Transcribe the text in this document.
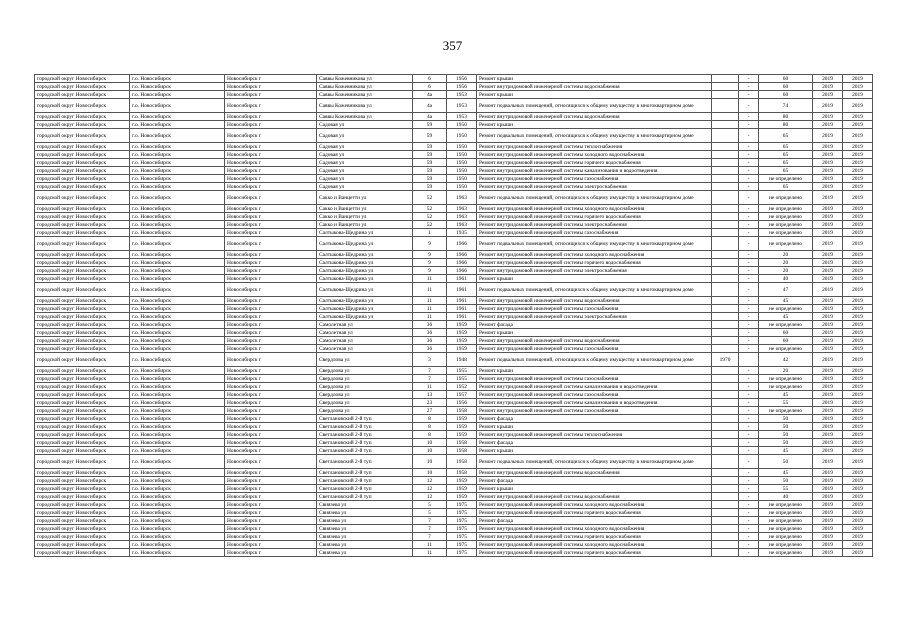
357
городской округ Новосибирск	г.о. Новосибирск	Новосибирск г	Саввы Кожевникова ул	6	1956	Ремонт крыши		-	60	2019	2019
городской округ Новосибирск	г.о. Новосибирск	Новосибирск г	Саввы Кожевникова ул	6	1956	Ремонт внутридомовой инженерной системы водоснабжения		-	60	2019	2019
городской округ Новосибирск	г.о. Новосибирск	Новосибирск г	Саввы Кожевникова ул	4а	1953	Ремонт крыши		-	60	2019	2019
городской округ Новосибирск	г.о. Новосибирск	Новосибирск г	Саввы Кожевникова ул	4а	1953	Ремонт подвальных помещений, относящихся к общему имуществу в многоквартирном доме		-	74	2019	2019
городской округ Новосибирск	г.о. Новосибирск	Новосибирск г	Саввы Кожевникова ул	4а	1953	Ремонт внутридомовой инженерной системы водоснабжения		-	80	2019	2019
городской округ Новосибирск	г.о. Новосибирск	Новосибирск г	Садовая ул	59	1950	Ремонт крыши		-	80	2019	2019
городской округ Новосибирск	г.о. Новосибирск	Новосибирск г	Садовая ул	59	1950	Ремонт подвальных помещений, относящихся к общему имуществу в многоквартирном доме		-	65	2019	2019
городской округ Новосибирск	г.о. Новосибирск	Новосибирск г	Садовая ул	59	1950	Ремонт внутридомовой инженерной системы теплоснабжения		-	65	2019	2019
городской округ Новосибирск	г.о. Новосибирск	Новосибирск г	Садовая ул	59	1950	Ремонт внутридомовой инженерной системы холодного водоснабжения		-	65	2019	2019
городской округ Новосибирск	г.о. Новосибирск	Новосибирск г	Садовая ул	59	1950	Ремонт внутридомовой инженерной системы горячего водоснабжения		-	65	2019	2019
городской округ Новосибирск	г.о. Новосибирск	Новосибирск г	Садовая ул	59	1950	Ремонт внутридомовой инженерной системы канализования и водоотведения		-	65	2019	2019
городской округ Новосибирск	г.о. Новосибирск	Новосибирск г	Садовая ул	59	1950	Ремонт внутридомовой инженерной системы газоснабжения		-	не определено	2019	2019
городской округ Новосибирск	г.о. Новосибирск	Новосибирск г	Садовая ул	59	1950	Ремонт внутридомовой инженерной системы электроснабжения		-	65	2019	2019
городской округ Новосибирск	г.о. Новосибирск	Новосибирск г	Сакко и Ванцетти ул	52	1963	Ремонт подвальных помещений, относящихся к общему имуществу в многоквартирном доме		-	не определено	2019	2019
городской округ Новосибирск	г.о. Новосибирск	Новосибирск г	Сакко и Ванцетти ул	52	1963	Ремонт внутридомовой инженерной системы холодного водоснабжения		-	не определено	2019	2019
городской округ Новосибирск	г.о. Новосибирск	Новосибирск г	Сакко и Ванцетти ул	52	1963	Ремонт внутридомовой инженерной системы горячего водоснабжения		-	не определено	2019	2019
городской округ Новосибирск	г.о. Новосибирск	Новосибирск г	Сакко и Ванцетти ул	52	1963	Ремонт внутридомовой инженерной системы электроснабжения		-	не определено	2019	2019
городской округ Новосибирск	г.о. Новосибирск	Новосибирск г	Салтыкова-Щедрина ул	1	1935	Ремонт внутридомовой инженерной системы газоснабжения		-	не определено	2019	2019
городской округ Новосибирск	г.о. Новосибирск	Новосибирск г	Салтыкова-Щедрина ул	9	1966	Ремонт подвальных помещений, относящихся к общему имуществу в многоквартирном доме		-	не определено	2019	2019
городской округ Новосибирск	г.о. Новосибирск	Новосибирск г	Салтыкова-Щедрина ул	9	1966	Ремонт внутридомовой инженерной системы холодного водоснабжения		-	20	2019	2019
городской округ Новосибирск	г.о. Новосибирск	Новосибирск г	Салтыкова-Щедрина ул	9	1966	Ремонт внутридомовой инженерной системы горячего водоснабжения		-	20	2019	2019
городской округ Новосибирск	г.о. Новосибирск	Новосибирск г	Салтыкова-Щедрина ул	9	1966	Ремонт внутридомовой инженерной системы электроснабжения		-	20	2019	2019
городской округ Новосибирск	г.о. Новосибирск	Новосибирск г	Салтыкова-Щедрина ул	11	1961	Ремонт крыши		-	40	2019	2019
городской округ Новосибирск	г.о. Новосибирск	Новосибирск г	Салтыкова-Щедрина ул	11	1961	Ремонт подвальных помещений, относящихся к общему имуществу в многоквартирном доме		-	47	2019	2019
городской округ Новосибирск	г.о. Новосибирск	Новосибирск г	Салтыкова-Щедрина ул	11	1961	Ремонт внутридомовой инженерной системы водоснабжения		-	45	2019	2019
городской округ Новосибирск	г.о. Новосибирск	Новосибирск г	Салтыкова-Щедрина ул	11	1961	Ремонт внутридомовой инженерной системы газоснабжения		-	не определено	2019	2019
городской округ Новосибирск	г.о. Новосибирск	Новосибирск г	Салтыкова-Щедрина ул	11	1961	Ремонт внутридомовой инженерной системы электроснабжения		-	45	2019	2019
городской округ Новосибирск	г.о. Новосибирск	Новосибирск г	Самолетная ул	36	1959	Ремонт фасада		-	не определено	2019	2019
городской округ Новосибирск	г.о. Новосибирск	Новосибирск г	Самолетная ул	36	1959	Ремонт крыши		-	60	2019	2019
городской округ Новосибирск	г.о. Новосибирск	Новосибирск г	Самолетная ул	36	1959	Ремонт внутридомовой инженерной системы водоснабжения		-	60	2019	2019
городской округ Новосибирск	г.о. Новосибирск	Новосибирск г	Самолетная ул	36	1959	Ремонт внутридомовой инженерной системы газоснабжения		-	не определено	2019	2019
городской округ Новосибирск	г.о. Новосибирск	Новосибирск г	Свердлова ул	3	1948	Ремонт подвальных помещений, относящихся к общему имуществу в многоквартирном доме	1970		42	2019	2019
городской округ Новосибирск	г.о. Новосибирск	Новосибирск г	Свердлова ул	7	1955	Ремонт крыши		-	20	2019	2019
городской округ Новосибирск	г.о. Новосибирск	Новосибирск г	Свердлова ул	7	1955	Ремонт внутридомовой инженерной системы газоснабжения		-	не определено	2019	2019
городской округ Новосибирск	г.о. Новосибирск	Новосибирск г	Свердлова ул	11	1952	Ремонт внутридомовой инженерной системы канализования и водоотведения		-	не определено	2019	2019
городской округ Новосибирск	г.о. Новосибирск	Новосибирск г	Свердлова ул	13	1957	Ремонт внутридомовой инженерной системы газоснабжения		-	45	2019	2019
городской округ Новосибирск	г.о. Новосибирск	Новосибирск г	Свердлова ул	23	1956	Ремонт внутридомовой инженерной системы канализования и водоотведения		-	55	2019	2019
городской округ Новосибирск	г.о. Новосибирск	Новосибирск г	Свердлова ул	27	1958	Ремонт внутридомовой инженерной системы газоснабжения		-	не определено	2019	2019
городской округ Новосибирск	г.о. Новосибирск	Новосибирск г	Светлановский 2-й туп	8	1959	Ремонт фасада		-	50	2019	2019
городской округ Новосибирск	г.о. Новосибирск	Новосибирск г	Светлановский 2-й туп	8	1959	Ремонт крыши		-	50	2019	2019
городской округ Новосибирск	г.о. Новосибирск	Новосибирск г	Светлановский 2-й туп	8	1959	Ремонт внутридомовой инженерной системы теплоснабжения		-	50	2019	2019
городской округ Новосибирск	г.о. Новосибирск	Новосибирск г	Светлановский 2-й туп	10	1958	Ремонт фасада		-	50	2019	2019
городской округ Новосибирск	г.о. Новосибирск	Новосибирск г	Светлановский 2-й туп	10	1958	Ремонт крыши		-	45	2019	2019
городской округ Новосибирск	г.о. Новосибирск	Новосибирск г	Светлановский 2-й туп	10	1958	Ремонт подвальных помещений, относящихся к общему имуществу в многоквартирном доме		-	50	2019	2019
городской округ Новосибирск	г.о. Новосибирск	Новосибирск г	Светлановский 2-й туп	10	1958	Ремонт внутридомовой инженерной системы водоснабжения		-	45	2019	2019
городской округ Новосибирск	г.о. Новосибирск	Новосибирск г	Светлановский 2-й туп	12	1959	Ремонт фасада		-	50	2019	2019
городской округ Новосибирск	г.о. Новосибирск	Новосибирск г	Светлановский 2-й туп	12	1959	Ремонт крыши		-	55	2019	2019
городской округ Новосибирск	г.о. Новосибирск	Новосибирск г	Светлановский 2-й туп	12	1959	Ремонт внутридомовой инженерной системы водоснабжения		-	40	2019	2019
городской округ Новосибирск	г.о. Новосибирск	Новосибирск г	Свиязева ул	5	1975	Ремонт внутридомовой инженерной системы холодного водоснабжения		-	не определено	2019	2019
городской округ Новосибирск	г.о. Новосибирск	Новосибирск г	Свиязева ул	5	1975	Ремонт внутридомовой инженерной системы горячего водоснабжения		-	не определено	2019	2019
городской округ Новосибирск	г.о. Новосибирск	Новосибирск г	Свиязева ул	7	1975	Ремонт фасада		-	не определено	2019	2019
городской округ Новосибирск	г.о. Новосибирск	Новосибирск г	Свиязева ул	7	1975	Ремонт внутридомовой инженерной системы холодного водоснабжения		-	не определено	2019	2019
городской округ Новосибирск	г.о. Новосибирск	Новосибирск г	Свиязева ул	7	1975	Ремонт внутридомовой инженерной системы горячего водоснабжения		-	не определено	2019	2019
городской округ Новосибирск	г.о. Новосибирск	Новосибирск г	Свиязева ул	11	1975	Ремонт внутридомовой инженерной системы холодного водоснабжения		-	не определено	2019	2019
городской округ Новосибирск	г.о. Новосибирск	Новосибирск г	Свиязева ул	11	1975	Ремонт внутридомовой инженерной системы горячего водоснабжения		-	не определено	2019	2019
